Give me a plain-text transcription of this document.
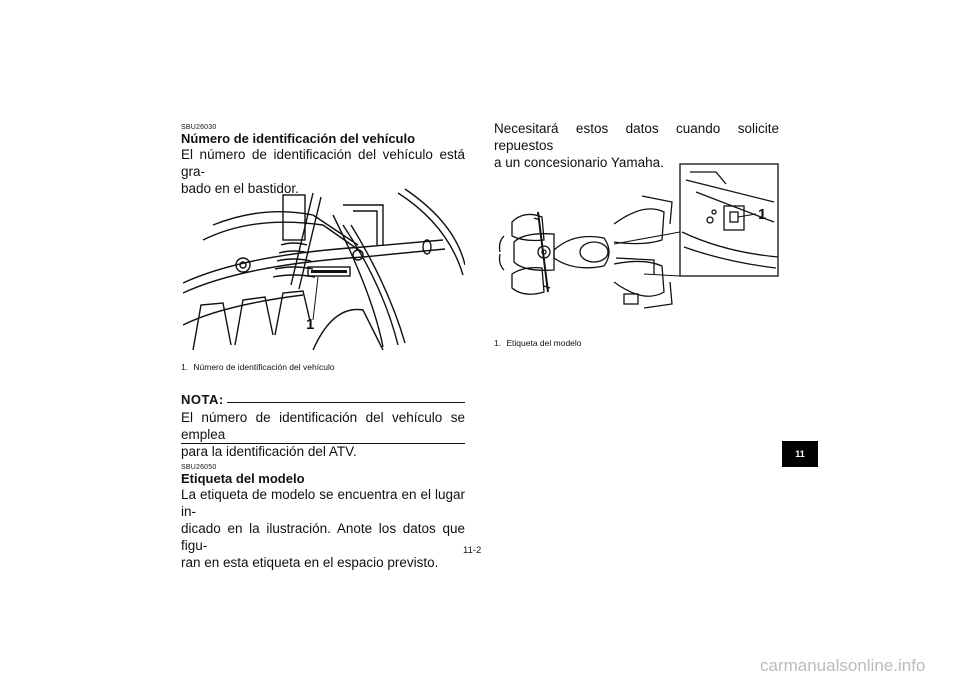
SBU26030
Número de identificación del vehículo
El número de identificación del vehículo está gra-
bado en el bastidor.
1
1. Número de identificación del vehículo
NOTA:
El número de identificación del vehículo se emplea
para la identificación del ATV.
SBU26050
Etiqueta del modelo
La etiqueta de modelo se encuentra en el lugar in-
dicado en la ilustración. Anote los datos que figu-
ran en esta etiqueta en el espacio previsto.
Necesitará estos datos cuando solicite repuestos
a un concesionario Yamaha.
1
1. Etiqueta del modelo
11
11-2
carmanualsonline.info
